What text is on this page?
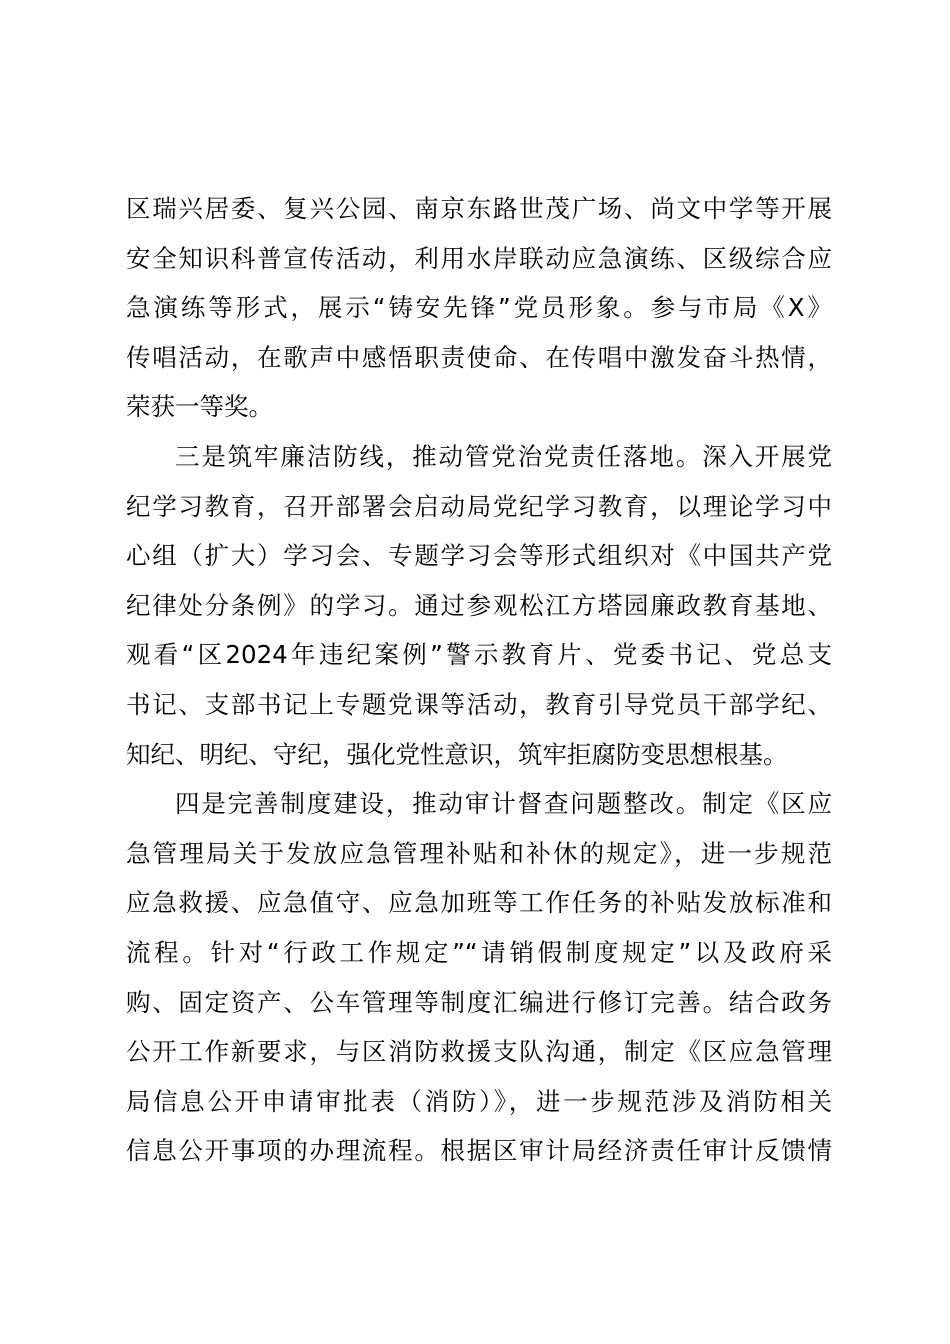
区瑞兴居委、复兴公园、南京东路世茂广场、尚文中学等开展
安全知识科普宣传活动，利用水岸联动应急演练、区级综合应
急演练等形式，展示“铸安先锋”党员形象。参与市局《X》
传唱活动，在歌声中感悟职责使命、在传唱中激发奋斗热情，
荣获一等奖。
三是筑牢廉洁防线，推动管党治党责任落地。深入开展党
纪学习教育，召开部署会启动局党纪学习教育，以理论学习中
心组（扩大）学习会、专题学习会等形式组织对《中国共产党
纪律处分条例》的学习。通过参观松江方塔园廉政教育基地、
观看“区2024年违纪案例”警示教育片、党委书记、党总支
书记、支部书记上专题党课等活动，教育引导党员干部学纪、
知纪、明纪、守纪，强化党性意识，筑牢拒腐防变思想根基。
四是完善制度建设，推动审计督查问题整改。制定《区应
急管理局关于发放应急管理补贴和补休的规定》，进一步规范
应急救援、应急值守、应急加班等工作任务的补贴发放标准和
流程。针对“行政工作规定”“请销假制度规定”以及政府采
购、固定资产、公车管理等制度汇编进行修订完善。结合政务
公开工作新要求，与区消防救援支队沟通，制定《区应急管理
局信息公开申请审批表（消防）》，进一步规范涉及消防相关
信息公开事项的办理流程。根据区审计局经济责任审计反馈情
